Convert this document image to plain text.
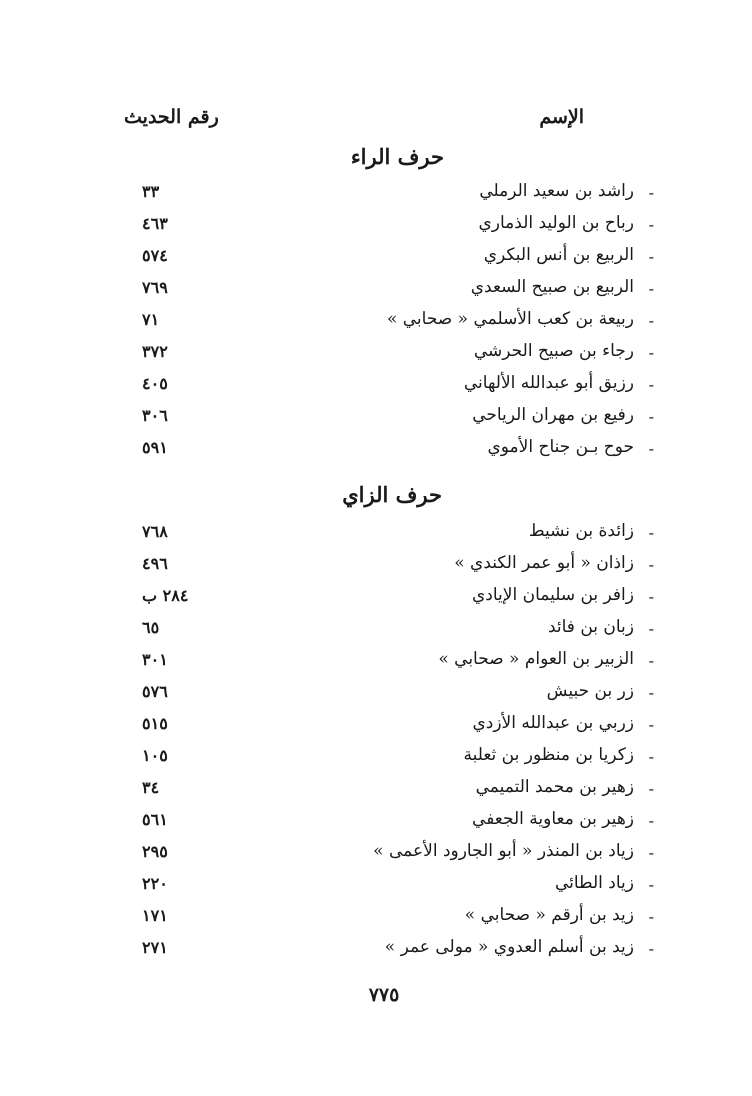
الإسم
رقم الحديث
حرف الراء
-
راشد بن سعيد الرملي
٣٣
-
رباح بن الوليد الذماري
٤٦٣
-
الربيع بن أنس البكري
٥٧٤
-
الربيع بن صبيح السعدي
٧٦٩
-
ربيعة بن كعب الأسلمي « صحابي »
٧١
-
رجاء بن صبيح الحرشي
٣٧٢
-
رزيق أبو عبدالله الألهاني
٤٠٥
-
رفيع بن مهران الرياحي
٣٠٦
-
حوح بـن جناح الأموي
٥٩١
حرف الزاي
-
زائدة بن نشيط
٧٦٨
-
زاذان « أبو عمر الكندي »
٤٩٦
-
زافر بن سليمان الإيادي
٢٨٤ ب
-
زبان بن فائد
٦٥
-
الزبير بن العوام « صحابي »
٣٠١
-
زر بن حبيش
٥٧٦
-
زربي بن عبدالله الأزدي
٥١٥
-
زكريا بن منظور بن ثعلبة
١٠٥
-
زهير بن محمد التميمي
٣٤
-
زهير بن معاوية الجعفي
٥٦١
-
زياد بن المنذر « أبو الجارود الأعمى »
٢٩٥
-
زياد الطائي
٢٢٠
-
زيد بن أرقم « صحابي »
١٧١
-
زيد بن أسلم العدوي « مولى عمر »
٢٧١
٧٧٥
